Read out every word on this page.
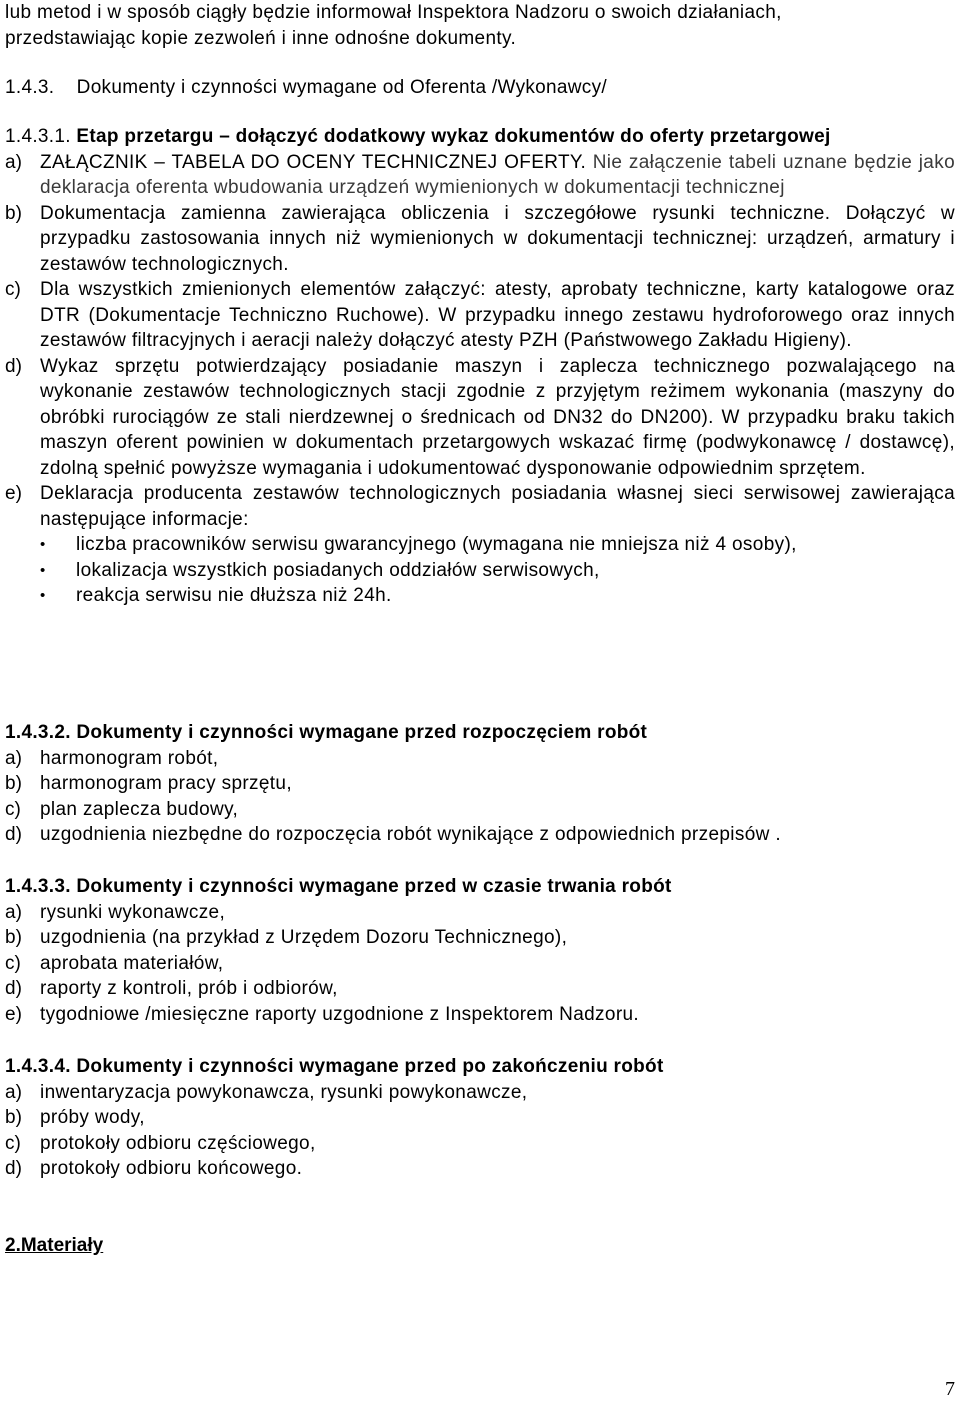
lub metod i w sposób ciągły będzie informował Inspektora Nadzoru o swoich działaniach,
przedstawiając kopie zezwoleń i inne odnośne dokumenty.
1.4.3. Dokumenty i czynności wymagane od Oferenta /Wykonawcy/
1.4.3.1. Etap przetargu – dołączyć dodatkowy wykaz dokumentów do oferty przetargowej
a) ZAŁĄCZNIK – TABELA DO OCENY TECHNICZNEJ OFERTY. Nie załączenie tabeli uznane będzie jako deklaracja oferenta wbudowania urządzeń wymienionych w dokumentacji technicznej
b) Dokumentacja zamienna zawierająca obliczenia i szczegółowe rysunki techniczne. Dołączyć w przypadku zastosowania innych niż wymienionych w dokumentacji technicznej: urządzeń, armatury i zestawów technologicznych.
c)	Dla wszystkich zmienionych elementów załączyć: atesty, aprobaty techniczne, karty katalogowe oraz DTR (Dokumentacje Techniczno Ruchowe). W przypadku innego zestawu hydroforowego oraz innych zestawów filtracyjnych i aeracji należy dołączyć atesty PZH (Państwowego Zakładu Higieny).
d) Wykaz sprzętu potwierdzający posiadanie maszyn i zaplecza technicznego pozwalającego na wykonanie zestawów technologicznych stacji zgodnie z przyjętym reżimem wykonania (maszyny do obróbki rurociągów ze stali nierdzewnej o średnicach od DN32 do DN200). W przypadku braku takich maszyn oferent powinien w dokumentach przetargowych wskazać firmę (podwykonawcę / dostawcę), zdolną spełnić powyższe wymagania i udokumentować dysponowanie odpowiednim sprzętem.
e) Deklaracja producenta zestawów technologicznych posiadania własnej sieci serwisowej zawierająca następujące informacje:
•	liczba pracowników serwisu gwarancyjnego (wymagana nie mniejsza niż 4 osoby),
•	lokalizacja wszystkich posiadanych oddziałów serwisowych,
•	reakcja serwisu nie dłuższa niż 24h.
1.4.3.2. Dokumenty i czynności wymagane przed rozpoczęciem robót
a) harmonogram robót,
b) harmonogram pracy sprzętu,
c)	plan zaplecza budowy,
d) uzgodnienia niezbędne do rozpoczęcia robót wynikające z odpowiednich przepisów .
1.4.3.3. Dokumenty i czynności wymagane przed w czasie trwania robót
a) rysunki wykonawcze,
b) uzgodnienia (na przykład z Urzędem Dozoru Technicznego),
c)	aprobata materiałów,
d) raporty z kontroli, prób i odbiorów,
e) tygodniowe /miesięczne raporty uzgodnione z Inspektorem Nadzoru.
1.4.3.4. Dokumenty i czynności wymagane przed po zakończeniu robót
a) inwentaryzacja powykonawcza, rysunki powykonawcze,
b) próby wody,
c)	protokoły odbioru częściowego,
d) protokoły odbioru końcowego.
2.Materiały
7
